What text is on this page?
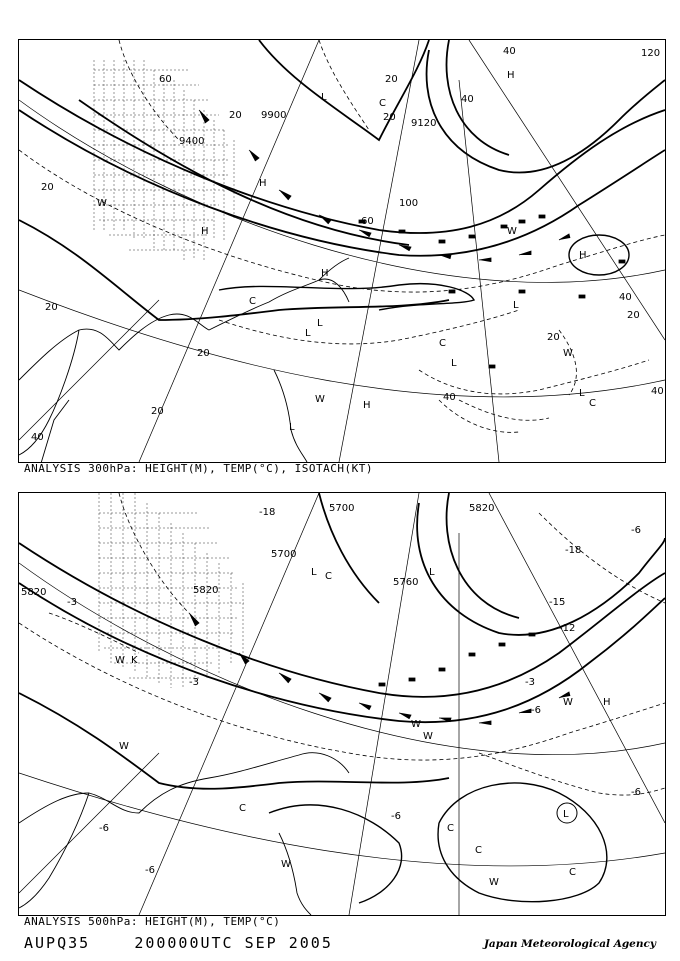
9900
9400
9120
120
60
20
20
20
40
100
60
40
20
20
40
20
20
40
20
20
40
40
H
W
H
H
C
L
L
C
L
H
L
W
L
H
H
W
C
L
C
W
L
ANALYSIS 300hPa: HEIGHT(M), TEMP(°C), ISOTACH(KT)
5700
5820
5700
5820
5760
5820
-18
-3
-3
-6
-6
-3
-15
-6
-18
-12
-6
-6
-6
W K
W
C
C
L
W
W	H
C
W
C
W
L
C
W
L
ANALYSIS 500hPa: HEIGHT(M), TEMP(°C)
AUPQ35	200000UTC SEP 2005	Japan Meteorological Agency
